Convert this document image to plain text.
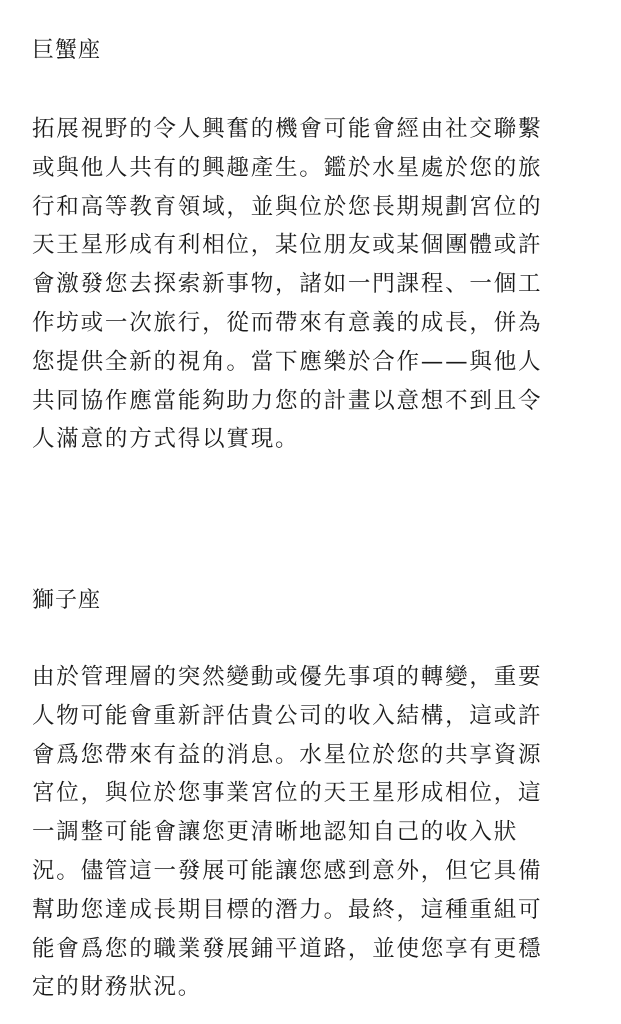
巨蟹座

拓展視野的令人興奮的機會可能會經由社交聯繫
或與他人共有的興趣產生。鑑於水星處於您的旅
行和高等教育領域，並與位於您長期規劃宮位的
天王星形成有利相位，某位朋友或某個團體或許
會激發您去探索新事物，諸如一門課程、一個工
作坊或一次旅行，從而帶來有意義的成長，併為
您提供全新的視角。當下應樂於合作——與他人
共同協作應當能夠助力您的計畫以意想不到且令
人滿意的方式得以實現。

獅子座

由於管理層的突然變動或優先事項的轉變，重要
人物可能會重新評估貴公司的收入結構，這或許
會爲您帶來有益的消息。水星位於您的共享資源
宮位，與位於您事業宮位的天王星形成相位，這
一調整可能會讓您更清晰地認知自己的收入狀
況。儘管這一發展可能讓您感到意外，但它具備
幫助您達成長期目標的潛力。最終，這種重組可
能會爲您的職業發展鋪平道路，並使您享有更穩
定的財務狀況。
